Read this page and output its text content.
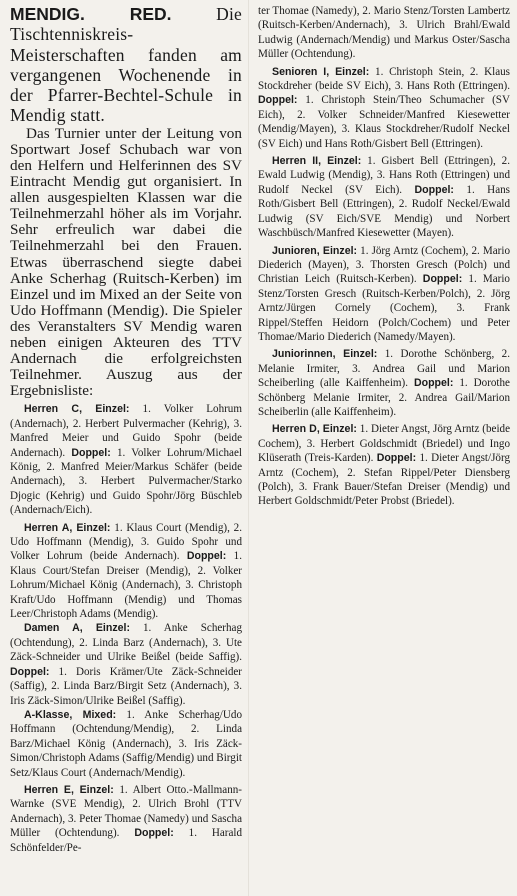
MENDIG. RED.	Die Tischtenniskreis-Meisterschaften fanden am vergangenen Wochenende in der Pfarrer-Bechtel-Schule in Mendig statt.

Das Turnier unter der Leitung von Sportwart Josef Schubach war von den Helfern und Helferinnen des SV Eintracht Mendig gut organisiert. In allen ausgespielten Klassen war die Teilnehmerzahl höher als im Vorjahr. Sehr erfreulich war dabei die Teilnehmerzahl bei den Frauen. Etwas überraschend siegte dabei Anke Scherhag (Ruitsch-Kerben) im Einzel und im Mixed an der Seite von Udo Hoffmann (Mendig). Die Spieler des Veranstalters SV Mendig waren neben einigen Akteuren des TTV Andernach die erfolgreichsten Teilnehmer. Auszug aus der Ergebnisliste:

Herren C, Einzel: 1. Volker Lohrum (Andernach), 2. Herbert Pulvermacher (Kehrig), 3. Manfred Meier und Guido Spohr (beide Andernach). Doppel: 1. Volker Lohrum/Michael König, 2. Manfred Meier/Markus Schäfer (beide Andernach), 3. Herbert Pulvermacher/Starko Djogic (Kehrig) und Guido Spohr/Jörg Büschleb (Andernach/Eich).

Herren A, Einzel: 1. Klaus Court (Mendig), 2. Udo Hoffmann (Mendig), 3. Guido Spohr und Volker Lohrum (beide Andernach). Doppel: 1. Klaus Court/Stefan Dreiser (Mendig), 2. Volker Lohrum/Michael König (Andernach), 3. Christoph Kraft/Udo Hoffmann (Mendig) und Thomas Leer/Christoph Adams (Mendig).

Damen A, Einzel: 1. Anke Scherhag (Ochtendung), 2. Linda Barz (Andernach), 3. Ute Zäck-Schneider und Ulrike Beißel (beide Saffig). Doppel: 1. Doris Krämer/Ute Zäck-Schneider (Saffig), 2. Linda Barz/Birgit Setz (Andernach), 3. Iris Zäck-Simon/Ulrike Beißel (Saffig).

A-Klasse, Mixed: 1. Anke Scherhag/Udo Hoffmann (Ochtendung/Mendig), 2. Linda Barz/Michael König (Andernach), 3. Iris Zäck-Simon/Christoph Adams (Saffig/Mendig) und Birgit Setz/Klaus Court (Andernach/Mendig).

Herren E, Einzel: 1. Albert Otto.-Mallmann-Warnke (SVE Mendig), 2. Ulrich Brohl (TTV Andernach), 3. Peter Thomae (Namedy) und Sascha Müller (Ochtendung). Doppel: 1. Harald Schönfelder/Pe-

ter Thomae (Namedy), 2. Mario Stenz/Torsten Lambertz (Ruitsch-Kerben/Andernach), 3. Ulrich Brahl/Ewald Ludwig (Andernach/Mendig) und Markus Oster/Sascha Müller (Ochtendung).

Senioren I, Einzel: 1. Christoph Stein, 2. Klaus Stockdreher (beide SV Eich), 3. Hans Roth (Ettringen). Doppel: 1. Christoph Stein/Theo Schumacher (SV Eich), 2. Volker Schneider/Manfred Kiesewetter (Mendig/Mayen), 3. Klaus Stockdreher/Rudolf Neckel (SV Eich) und Hans Roth/Gisbert Bell (Ettringen).

Herren II, Einzel: 1. Gisbert Bell (Ettringen), 2. Ewald Ludwig (Mendig), 3. Hans Roth (Ettringen) und Rudolf Neckel (SV Eich). Doppel: 1. Hans Roth/Gisbert Bell (Ettringen), 2. Rudolf Neckel/Ewald Ludwig (SV Eich/SVE Mendig) und Norbert Waschbüsch/Manfred Kiesewetter (Mayen).

Junioren, Einzel: 1. Jörg Arntz (Cochem), 2. Mario Diederich (Mayen), 3. Thorsten Gresch (Polch) und Christian Leich (Ruitsch-Kerben). Doppel: 1. Mario Stenz/Torsten Gresch (Ruitsch-Kerben/Polch), 2. Jörg Arntz/Jürgen Cornely (Cochem), 3. Frank Rippel/Steffen Heidorn (Polch/Cochem) und Peter Thomae/Mario Diederich (Namedy/Mayen).

Juniorinnen, Einzel: 1. Dorothe Schönberg, 2. Melanie Irmiter, 3. Andrea Gail und Marion Scheiberling (alle Kaiffenheim). Doppel: 1. Dorothe Schönberg Melanie Irmiter, 2. Andrea Gail/Marion Scheiberlin (alle Kaiffenheim).

Herren D, Einzel: 1. Dieter Angst, Jörg Arntz (beide Cochem), 3. Herbert Goldschmidt (Briedel) und Ingo Klüserath (Treis-Karden). Doppel: 1. Dieter Angst/Jörg Arntz (Cochem), 2. Stefan Rippel/Peter Diensberg (Polch), 3. Frank Bauer/Stefan Dreiser (Mendig) und Herbert Goldschmidt/Peter Probst (Briedel).
